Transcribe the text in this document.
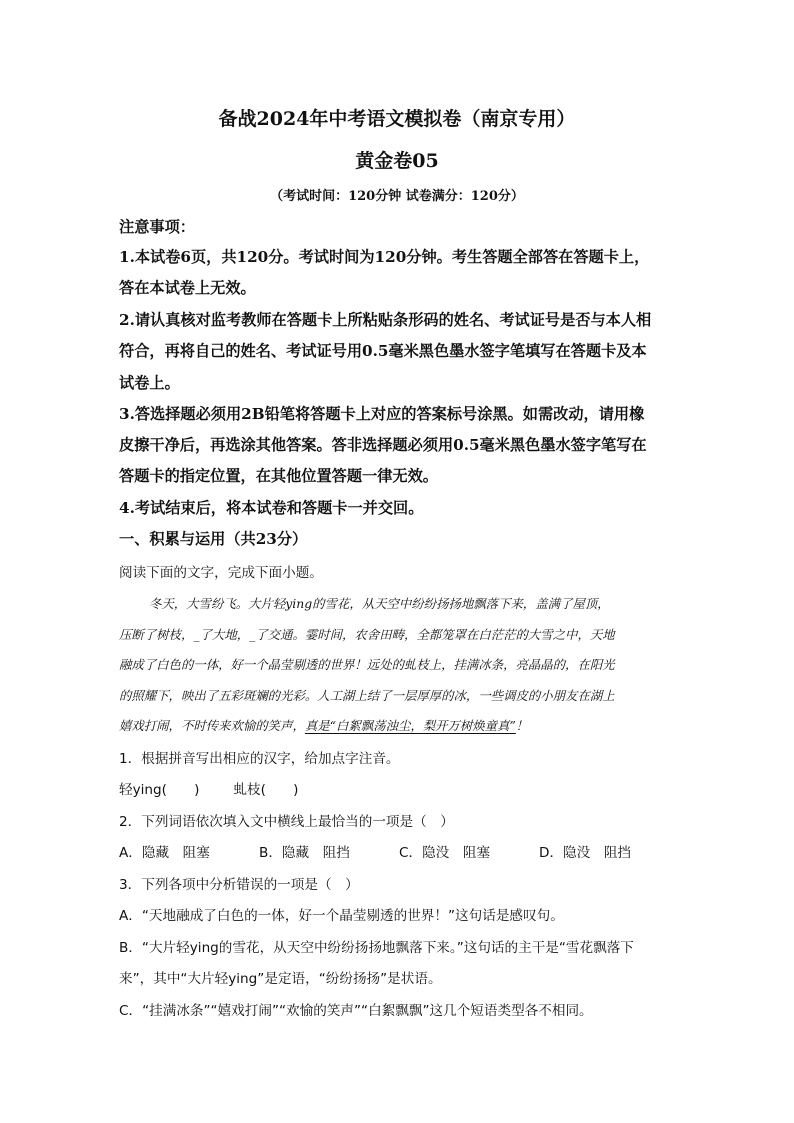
备战2024年中考语文模拟卷（南京专用）
黄金卷05
（考试时间：120分钟 试卷满分：120分）
注意事项：
1.本试卷6页，共120分。考试时间为120分钟。考生答题全部答在答题卡上，
答在本试卷上无效。
2.请认真核对监考教师在答题卡上所粘贴条形码的姓名、考试证号是否与本人相
符合，再将自己的姓名、考试证号用0.5毫米黑色墨水签字笔填写在答题卡及本
试卷上。
3.答选择题必须用2B铅笔将答题卡上对应的答案标号涂黑。如需改动，请用橡
皮擦干净后，再选涂其他答案。答非选择题必须用0.5毫米黑色墨水签字笔写在
答题卡的指定位置，在其他位置答题一律无效。
4.考试结束后，将本试卷和答题卡一并交回。
一、积累与运用（共23分）
阅读下面的文字，完成下面小题。
冬天，大雪纷飞。大片轻ying的雪花，从天空中纷纷扬扬地飘落下来，盖满了屋顶，
压断了树枝，_了大地，_了交通。霎时间，农舍田畴，全都笼罩在白茫茫的大雪之中，天地
融成了白色的一体，好一个晶莹剔透的世界！远处的虬枝上，挂满冰条，亮晶晶的，在阳光
的照耀下，映出了五彩斑斓的光彩。人工湖上结了一层厚厚的冰，一些调皮的小朋友在湖上
嬉戏打闹，不时传来欢愉的笑声，真是“白絮飘荡浊尘，梨开万树焕童真”！
1．根据拼音写出相应的汉字，给加点字注音。
轻ying(　　)	虬枝(　　)
2．下列词语依次填入文中横线上最恰当的一项是（　）
A．隐藏　阻塞	B．隐藏　阻挡	C．隐没　阻塞	D．隐没　阻挡
3．下列各项中分析错误的一项是（　）
A．“天地融成了白色的一体，好一个晶莹剔透的世界！”这句话是感叹句。
B．“大片轻ying的雪花，从天空中纷纷扬扬地飘落下来。”这句话的主干是“雪花飘落下
来”，其中“大片轻ying”是定语，“纷纷扬扬”是状语。
C．“挂满冰条”“嬉戏打闹”“欢愉的笑声”“白絮飘飘”这几个短语类型各不相同。
